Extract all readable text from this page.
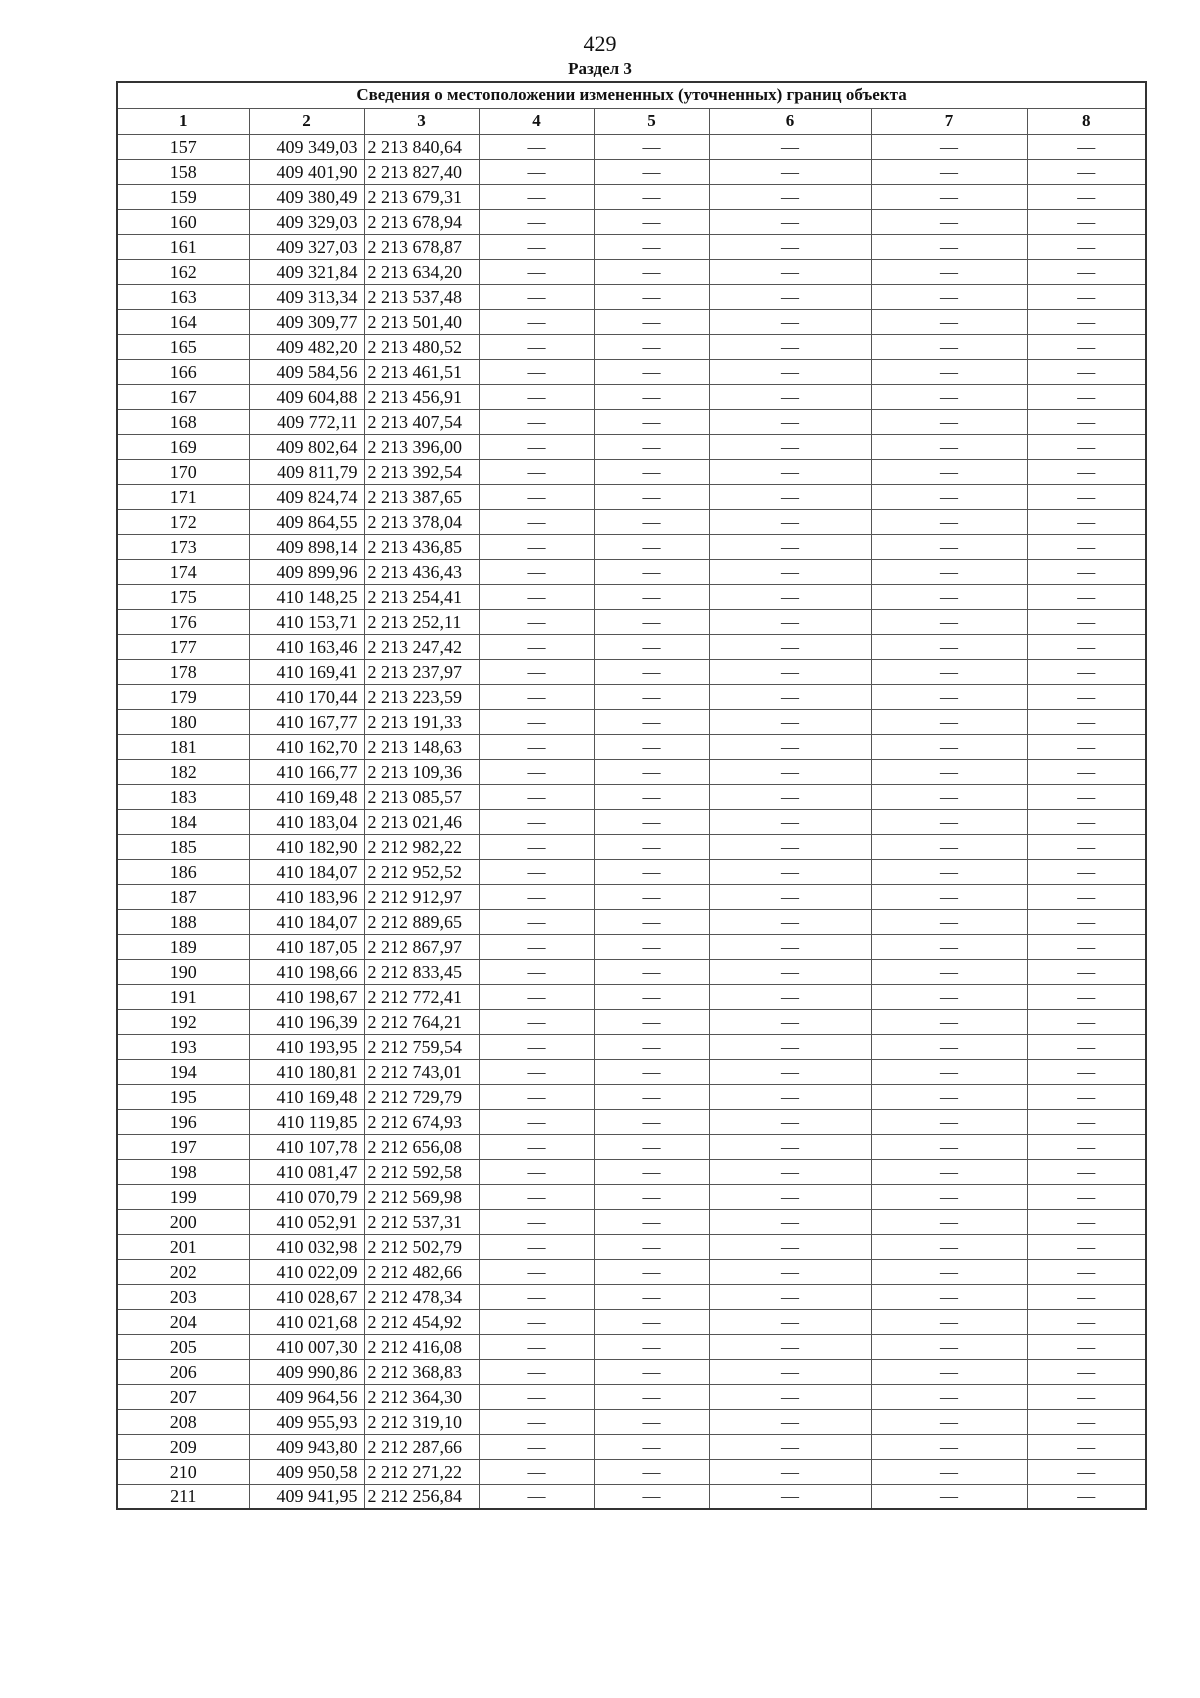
429
Раздел 3
Сведения о местоположении измененных (уточненных) границ объекта							
1	2	3	4	5	6	7	8
157	409 349,03	2 213 840,64	—	—	—	—	—
158	409 401,90	2 213 827,40	—	—	—	—	—
159	409 380,49	2 213 679,31	—	—	—	—	—
160	409 329,03	2 213 678,94	—	—	—	—	—
161	409 327,03	2 213 678,87	—	—	—	—	—
162	409 321,84	2 213 634,20	—	—	—	—	—
163	409 313,34	2 213 537,48	—	—	—	—	—
164	409 309,77	2 213 501,40	—	—	—	—	—
165	409 482,20	2 213 480,52	—	—	—	—	—
166	409 584,56	2 213 461,51	—	—	—	—	—
167	409 604,88	2 213 456,91	—	—	—	—	—
168	409 772,11	2 213 407,54	—	—	—	—	—
169	409 802,64	2 213 396,00	—	—	—	—	—
170	409 811,79	2 213 392,54	—	—	—	—	—
171	409 824,74	2 213 387,65	—	—	—	—	—
172	409 864,55	2 213 378,04	—	—	—	—	—
173	409 898,14	2 213 436,85	—	—	—	—	—
174	409 899,96	2 213 436,43	—	—	—	—	—
175	410 148,25	2 213 254,41	—	—	—	—	—
176	410 153,71	2 213 252,11	—	—	—	—	—
177	410 163,46	2 213 247,42	—	—	—	—	—
178	410 169,41	2 213 237,97	—	—	—	—	—
179	410 170,44	2 213 223,59	—	—	—	—	—
180	410 167,77	2 213 191,33	—	—	—	—	—
181	410 162,70	2 213 148,63	—	—	—	—	—
182	410 166,77	2 213 109,36	—	—	—	—	—
183	410 169,48	2 213 085,57	—	—	—	—	—
184	410 183,04	2 213 021,46	—	—	—	—	—
185	410 182,90	2 212 982,22	—	—	—	—	—
186	410 184,07	2 212 952,52	—	—	—	—	—
187	410 183,96	2 212 912,97	—	—	—	—	—
188	410 184,07	2 212 889,65	—	—	—	—	—
189	410 187,05	2 212 867,97	—	—	—	—	—
190	410 198,66	2 212 833,45	—	—	—	—	—
191	410 198,67	2 212 772,41	—	—	—	—	—
192	410 196,39	2 212 764,21	—	—	—	—	—
193	410 193,95	2 212 759,54	—	—	—	—	—
194	410 180,81	2 212 743,01	—	—	—	—	—
195	410 169,48	2 212 729,79	—	—	—	—	—
196	410 119,85	2 212 674,93	—	—	—	—	—
197	410 107,78	2 212 656,08	—	—	—	—	—
198	410 081,47	2 212 592,58	—	—	—	—	—
199	410 070,79	2 212 569,98	—	—	—	—	—
200	410 052,91	2 212 537,31	—	—	—	—	—
201	410 032,98	2 212 502,79	—	—	—	—	—
202	410 022,09	2 212 482,66	—	—	—	—	—
203	410 028,67	2 212 478,34	—	—	—	—	—
204	410 021,68	2 212 454,92	—	—	—	—	—
205	410 007,30	2 212 416,08	—	—	—	—	—
206	409 990,86	2 212 368,83	—	—	—	—	—
207	409 964,56	2 212 364,30	—	—	—	—	—
208	409 955,93	2 212 319,10	—	—	—	—	—
209	409 943,80	2 212 287,66	—	—	—	—	—
210	409 950,58	2 212 271,22	—	—	—	—	—
211	409 941,95	2 212 256,84	—	—	—	—	—
